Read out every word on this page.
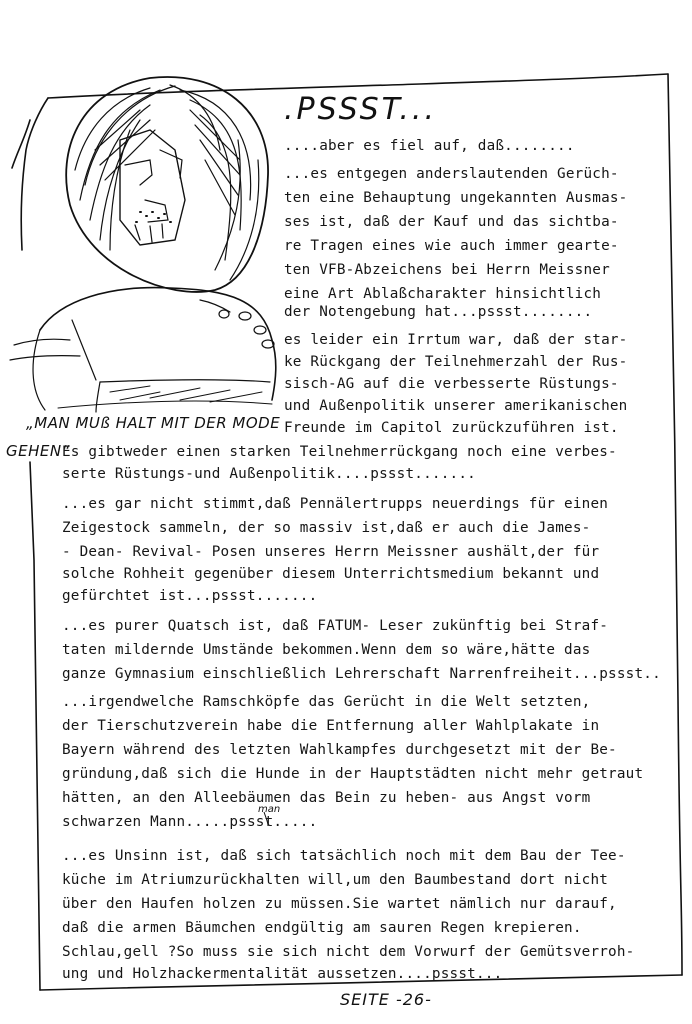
.PSSST...
„MAN MUß HALT MIT DER MODE
GEHEN“
man
....aber es fiel auf, daß........
...es entgegen anderslautenden Gerüch-
ten eine Behauptung ungekannten Ausmas-
ses ist, daß der Kauf und das sichtba-
re Tragen eines wie auch immer gearte-
ten VFB-Abzeichens bei Herrn Meissner
eine Art Ablaßcharakter hinsichtlich
der Notengebung hat...pssst........
es leider ein Irrtum war, daß der star-
ke Rückgang der Teilnehmerzahl der Rus-
sisch-AG auf die verbesserte Rüstungs-
und Außenpolitik unserer amerikanischen
Freunde im Capitol zurückzuführen ist.
Es gibtweder einen starken Teilnehmerrückgang noch eine verbes-
serte Rüstungs-und Außenpolitik....pssst.......
...es gar nicht stimmt,daß Pennälertrupps neuerdings für einen
Zeigestock sammeln, der so massiv ist,daß er auch die James-
- Dean- Revival- Posen unseres Herrn Meissner aushält,der für
solche Rohheit gegenüber diesem Unterrichtsmedium bekannt und
gefürchtet ist...pssst.......
...es purer Quatsch ist, daß FATUM- Leser zukünftig bei Straf-
taten mildernde Umstände bekommen.Wenn dem so wäre,hätte das
ganze Gymnasium einschließlich Lehrerschaft Narrenfreiheit...pssst..
...irgendwelche Ramschköpfe das Gerücht in die Welt setzten,
der Tierschutzverein habe die Entfernung aller Wahlplakate in
Bayern während des letzten Wahlkampfes durchgesetzt mit der Be-
gründung,daß sich die Hunde in der Hauptstädten nicht mehr getraut
hätten, an den Alleebäumen das Bein zu heben- aus Angst vorm
schwarzen Mann.....pssst.....
...es Unsinn ist, daß sich tatsächlich noch mit dem Bau der Tee-
küche im Atriumzurückhalten will,um den Baumbestand dort nicht
über den Haufen holzen zu müssen.Sie wartet nämlich nur darauf,
daß die armen Bäumchen endgültig am sauren Regen krepieren.
Schlau,gell ?So muss sie sich nicht dem Vorwurf der Gemütsverroh-
ung und Holzhackermentalität aussetzen....pssst...
SEITE -26-
